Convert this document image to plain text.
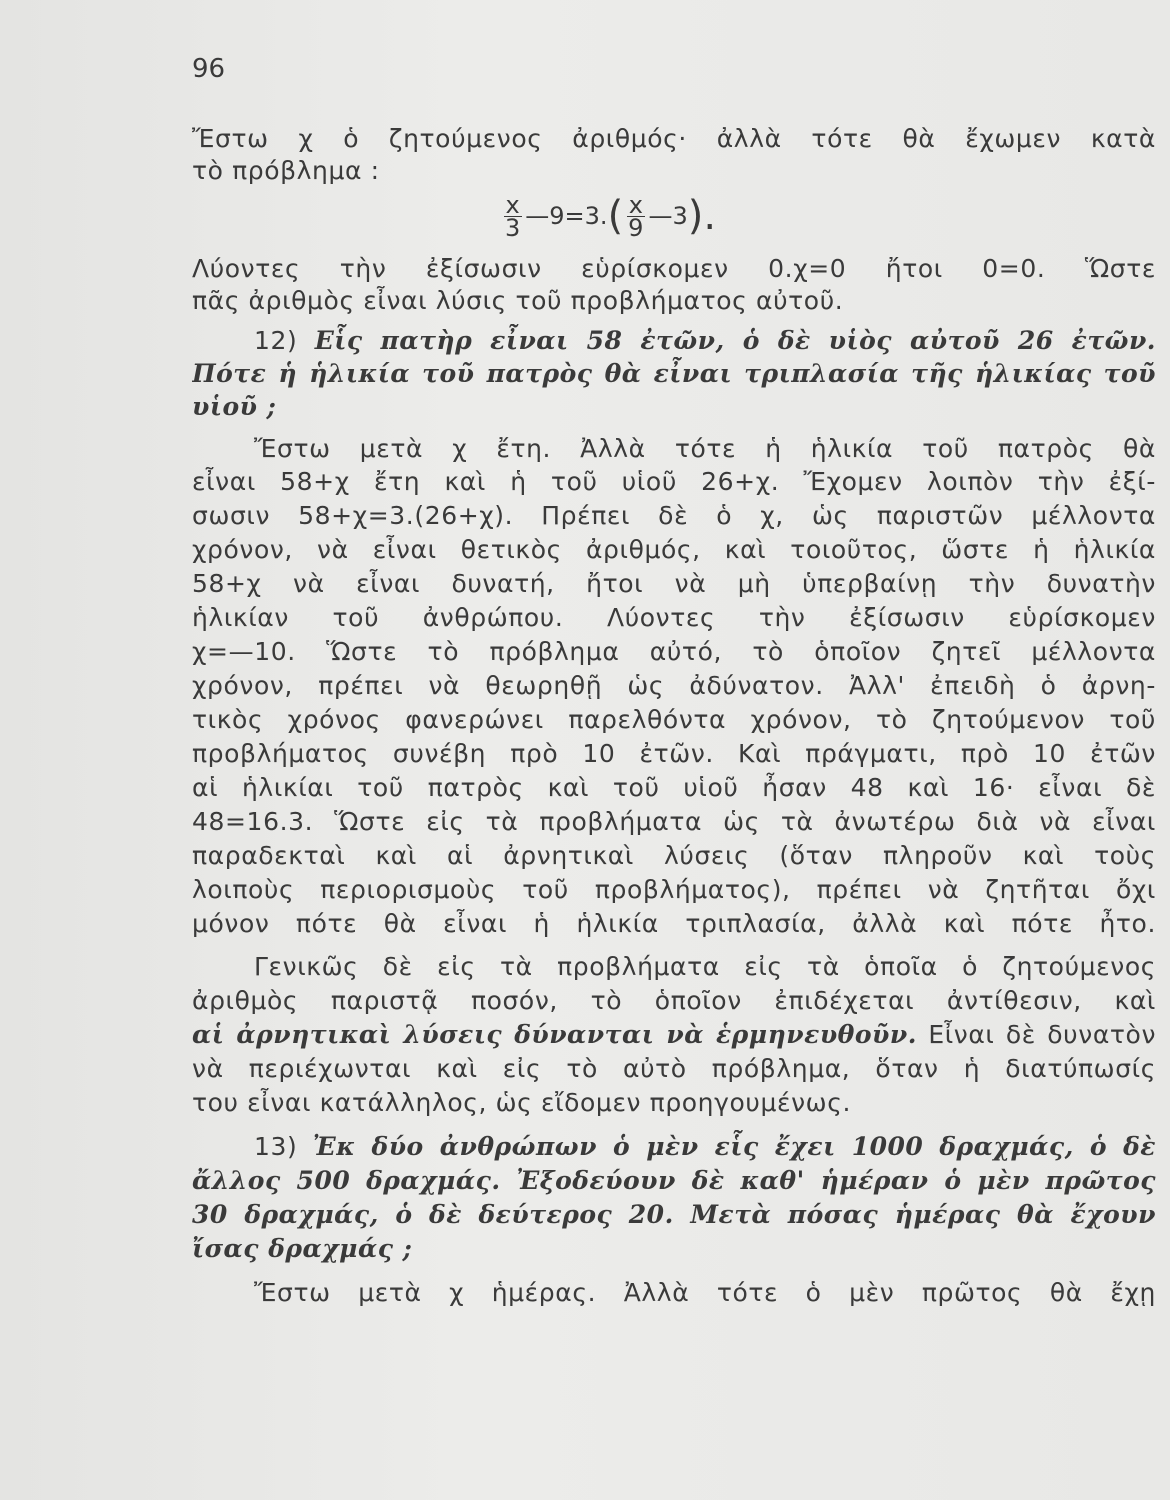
96
Ἔστω χ ὁ ζητούμενος ἀριθμός· ἀλλὰ τότε θὰ ἔχωμεν κατὰ
τὸ πρόβλημα :
$\frac{x}{3}$ —9=3. ( $\frac{x}{9}$ —3 ).
Λύοντες τὴν ἐξίσωσιν εὑρίσκομεν 0.χ=0 ἤτοι 0=0. Ὥστε
πᾶς ἀριθμὸς εἶναι λύσις τοῦ προβλήματος αὐτοῦ.
12) Εἷς πατὴρ εἶναι 58 ἐτῶν, ὁ δὲ υἱὸς αὐτοῦ 26 ἐτῶν.
Πότε ἡ ἡλικία τοῦ πατρὸς θὰ εἶναι τριπλασία τῆς ἡλικίας τοῦ
υἱοῦ ;
Ἔστω μετὰ χ ἔτη. Ἀλλὰ τότε ἡ ἡλικία τοῦ πατρὸς θὰ
εἶναι 58+χ ἔτη καὶ ἡ τοῦ υἱοῦ 26+χ. Ἔχομεν λοιπὸν τὴν ἐξί-
σωσιν 58+χ=3.(26+χ). Πρέπει δὲ ὁ χ, ὡς παριστῶν μέλλοντα
χρόνον, νὰ εἶναι θετικὸς ἀριθμός, καὶ τοιοῦτος, ὥστε ἡ ἡλικία
58+χ νὰ εἶναι δυνατή, ἤτοι νὰ μὴ ὑπερβαίνῃ τὴν δυνατὴν
ἡλικίαν τοῦ ἀνθρώπου. Λύοντες τὴν ἐξίσωσιν εὑρίσκομεν
χ=—10. Ὥστε τὸ πρόβλημα αὐτό, τὸ ὁποῖον ζητεῖ μέλλοντα
χρόνον, πρέπει νὰ θεωρηθῇ ὡς ἀδύνατον. Ἀλλ' ἐπειδὴ ὁ ἀρνη-
τικὸς χρόνος φανερώνει παρελθόντα χρόνον, τὸ ζητούμενον τοῦ
προβλήματος συνέβη πρὸ 10 ἐτῶν. Καὶ πράγματι, πρὸ 10 ἐτῶν
αἱ ἡλικίαι τοῦ πατρὸς καὶ τοῦ υἱοῦ ἦσαν 48 καὶ 16· εἶναι δὲ
48=16.3. Ὥστε εἰς τὰ προβλήματα ὡς τὰ ἀνωτέρω διὰ νὰ εἶναι
παραδεκταὶ καὶ αἱ ἀρνητικαὶ λύσεις (ὅταν πληροῦν καὶ τοὺς
λοιποὺς περιορισμοὺς τοῦ προβλήματος), πρέπει νὰ ζητῆται ὄχι
μόνον πότε θὰ εἶναι ἡ ἡλικία τριπλασία, ἀλλὰ καὶ πότε ἦτο.
Γενικῶς δὲ εἰς τὰ προβλήματα εἰς τὰ ὁποῖα ὁ ζητούμενος
ἀριθμὸς παριστᾷ ποσόν, τὸ ὁποῖον ἐπιδέχεται ἀντίθεσιν, καὶ
αἱ ἀρνητικαὶ λύσεις δύνανται νὰ ἑρμηνευθοῦν. Εἶναι δὲ δυνατὸν
νὰ περιέχωνται καὶ εἰς τὸ αὐτὸ πρόβλημα, ὅταν ἡ διατύπωσίς
του εἶναι κατάλληλος, ὡς εἴδομεν προηγουμένως.
13) Ἐκ δύο ἀνθρώπων ὁ μὲν εἷς ἔχει 1000 δραχμάς, ὁ δὲ
ἄλλος 500 δραχμάς. Ἐξοδεύουν δὲ καθ' ἡμέραν ὁ μὲν πρῶτος
30 δραχμάς, ὁ δὲ δεύτερος 20. Μετὰ πόσας ἡμέρας θὰ ἔχουν
ἴσας δραχμάς ;
Ἔστω μετὰ χ ἡμέρας. Ἀλλὰ τότε ὁ μὲν πρῶτος θὰ ἔχῃ
